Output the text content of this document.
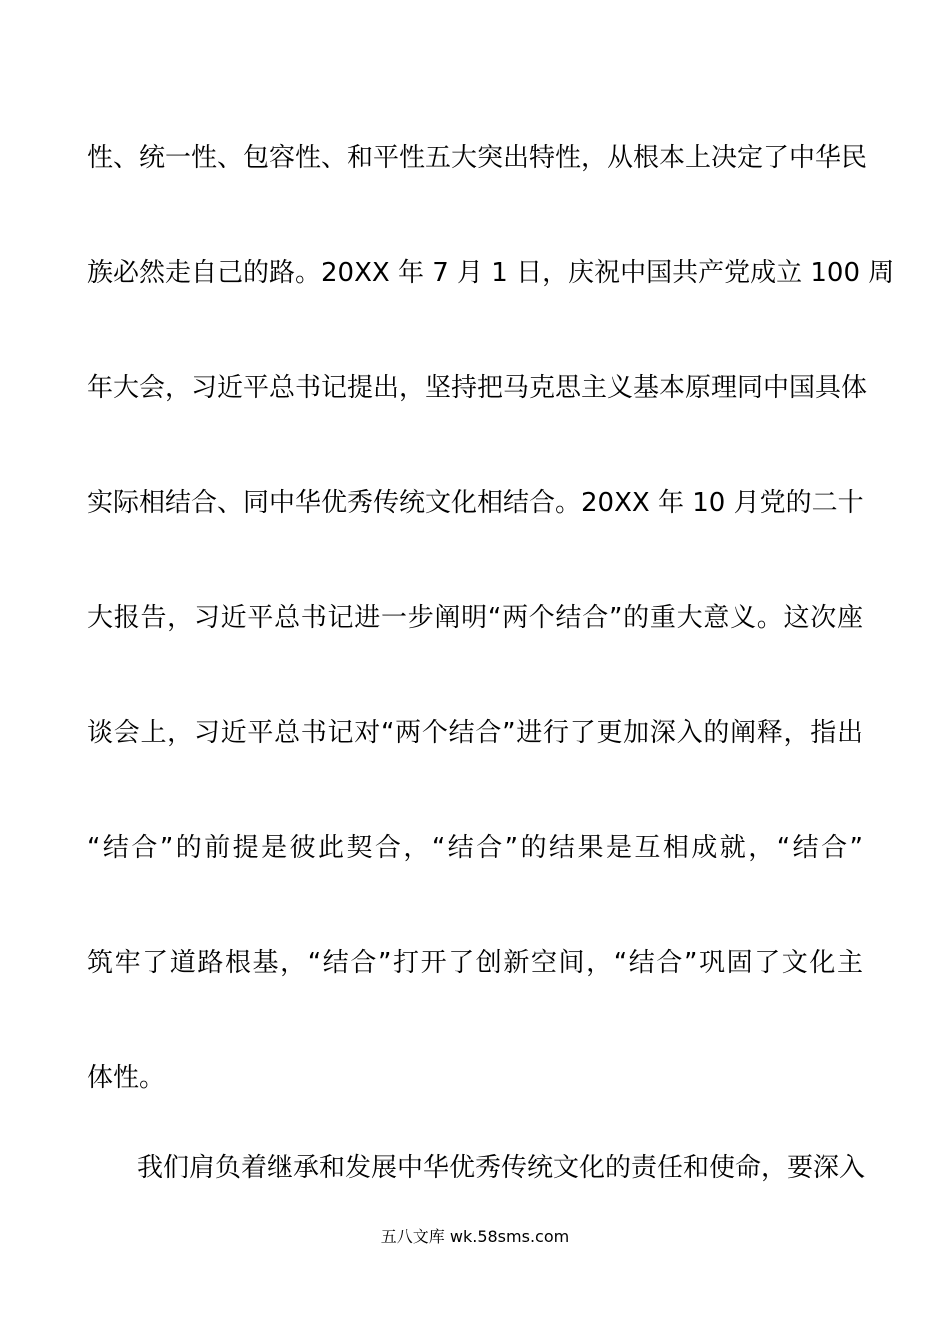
性、统一性、包容性、和平性五大突出特性，从根本上决定了中华民
族必然走自己的路。20XX 年 7 月 1 日，庆祝中国共产党成立 100 周
年大会，习近平总书记提出，坚持把马克思主义基本原理同中国具体
实际相结合、同中华优秀传统文化相结合。20XX 年 10 月党的二十
大报告，习近平总书记进一步阐明“两个结合”的重大意义。这次座
谈会上，习近平总书记对“两个结合”进行了更加深入的阐释，指出
“结合”的前提是彼此契合，“结合”的结果是互相成就，“结合”
筑牢了道路根基，“结合”打开了创新空间，“结合”巩固了文化主
体性。
我们肩负着继承和发展中华优秀传统文化的责任和使命，要深入
五八文库 wk.58sms.com
